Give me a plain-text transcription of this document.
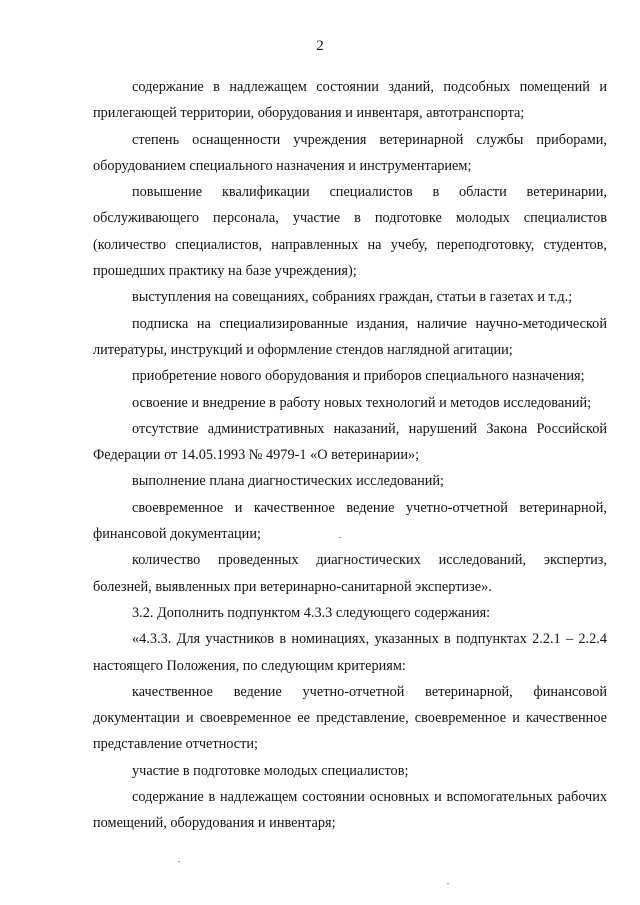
2

содержание в надлежащем состоянии зданий, подсобных помещений и прилегающей территории, оборудования и инвентаря, автотранспорта;

степень оснащенности учреждения ветеринарной службы приборами, оборудованием специального назначения и инструментарием;

повышение квалификации специалистов в области ветеринарии, обслуживающего персонала, участие в подготовке молодых специалистов (количество специалистов, направленных на учебу, переподготовку, студентов, прошедших практику на базе учреждения);

выступления на совещаниях, собраниях граждан, статьи в газетах и т.д.;

подписка на специализированные издания, наличие научно-методической литературы, инструкций и оформление стендов наглядной агитации;

приобретение нового оборудования и приборов специального назначения;

освоение и внедрение в работу новых технологий и методов исследований;

отсутствие административных наказаний, нарушений Закона Российской Федерации от 14.05.1993 № 4979-1 «О ветеринарии»;

выполнение плана диагностических исследований;

своевременное и качественное ведение учетно-отчетной ветеринарной, финансовой документации;

количество проведенных диагностических исследований, экспертиз, болезней, выявленных при ветеринарно-санитарной экспертизе».

3.2. Дополнить подпунктом 4.3.3 следующего содержания:

«4.3.3. Для участников в номинациях, указанных в подпунктах 2.2.1 – 2.2.4 настоящего Положения, по следующим критериям:

качественное ведение учетно-отчетной ветеринарной, финансовой документации и своевременное ее представление, своевременное и качественное представление отчетности;

участие в подготовке молодых специалистов;

содержание в надлежащем состоянии основных и вспомогательных рабочих помещений, оборудования и инвентаря;
